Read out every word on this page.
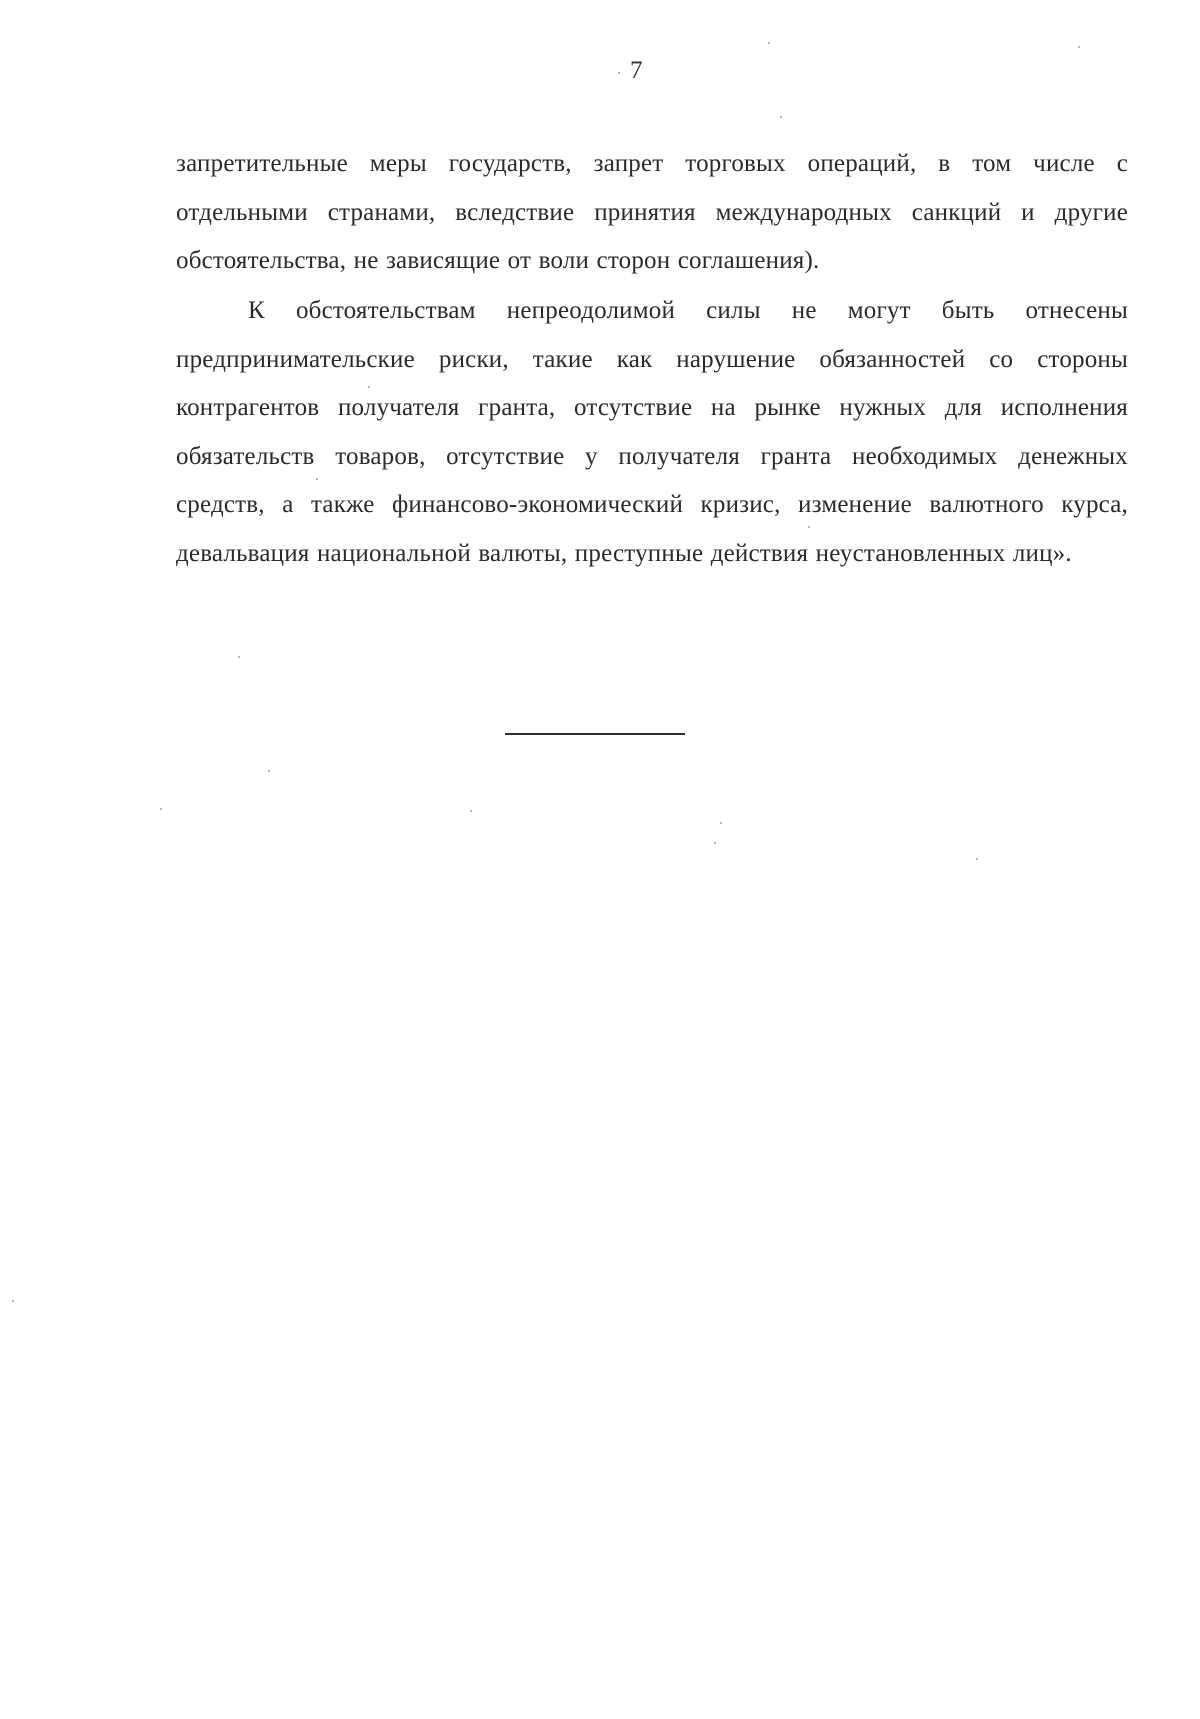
7

запретительные меры государств, запрет торговых операций, в том числе с отдельными странами, вследствие принятия международных санкций и другие обстоятельства, не зависящие от воли сторон соглашения).

К обстоятельствам непреодолимой силы не могут быть отнесены предпринимательские риски, такие как нарушение обязанностей со стороны контрагентов получателя гранта, отсутствие на рынке нужных для исполнения обязательств товаров, отсутствие у получателя гранта необходимых денежных средств, а также финансово-экономический кризис, изменение валютного курса, девальвация национальной валюты, преступные действия неустановленных лиц».
